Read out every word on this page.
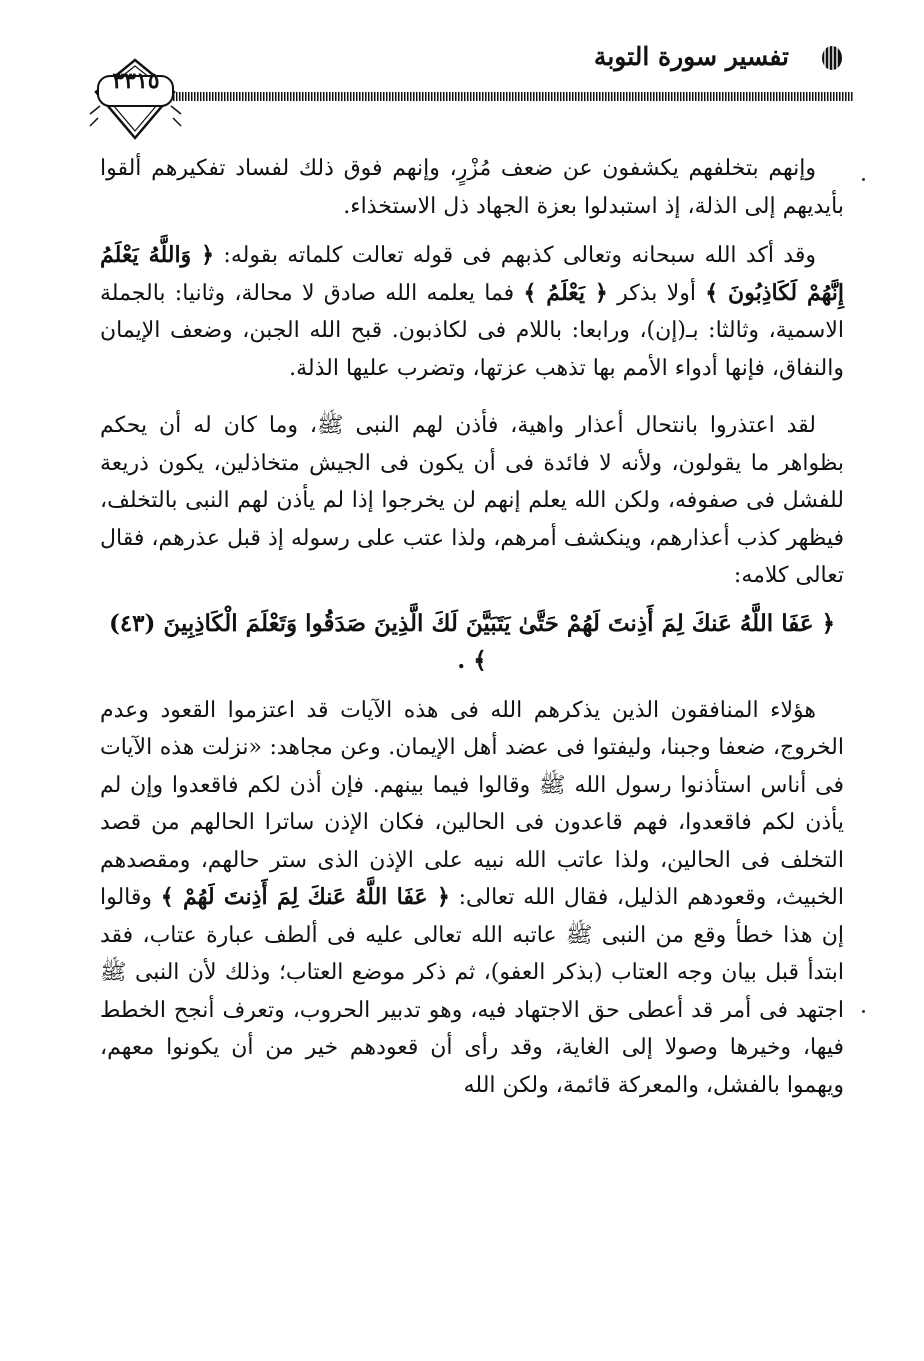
تفسير سورة التوبة
٣٣١٥

وإنهم بتخلفهم يكشفون عن ضعف مُزْرٍ، وإنهم فوق ذلك لفساد تفكيرهم ألقوا بأيديهم إلى الذلة، إذ استبدلوا بعزة الجهاد ذل الاستخذاء.

وقد أكد الله سبحانه وتعالى كذبهم فى قوله تعالت كلماته بقوله: ﴿ وَاللَّهُ يَعْلَمُ إِنَّهُمْ لَكَاذِبُونَ ﴾ أولا بذكر ﴿ يَعْلَمُ ﴾ فما يعلمه الله صادق لا محالة، وثانيا: بالجملة الاسمية، وثالثا: بـ(إن)، ورابعا: باللام فى لكاذبون. قبح الله الجبن، وضعف الإيمان والنفاق، فإنها أدواء الأمم بها تذهب عزتها، وتضرب عليها الذلة.

لقد اعتذروا بانتحال أعذار واهية، فأذن لهم النبى ﷺ، وما كان له أن يحكم بظواهر ما يقولون، ولأنه لا فائدة فى أن يكون فى الجيش متخاذلين، يكون ذريعة للفشل فى صفوفه، ولكن الله يعلم إنهم لن يخرجوا إذا لم يأذن لهم النبى بالتخلف، فيظهر كذب أعذارهم، وينكشف أمرهم، ولذا عتب على رسوله إذ قبل عذرهم، فقال تعالى كلامه:

﴿ عَفَا اللَّهُ عَنكَ لِمَ أَذِنتَ لَهُمْ حَتَّىٰ يَتَبَيَّنَ لَكَ الَّذِينَ صَدَقُوا وَتَعْلَمَ الْكَاذِبِينَ (٤٣) ﴾ .

هؤلاء المنافقون الذين يذكرهم الله فى هذه الآيات قد اعتزموا القعود وعدم الخروج، ضعفا وجبنا، وليفتوا فى عضد أهل الإيمان. وعن مجاهد: «نزلت هذه الآيات فى أناس استأذنوا رسول الله ﷺ وقالوا فيما بينهم. فإن أذن لكم فاقعدوا وإن لم يأذن لكم فاقعدوا، فهم قاعدون فى الحالين، فكان الإذن ساترا الحالهم من قصد التخلف فى الحالين، ولذا عاتب الله نبيه على الإذن الذى ستر حالهم، ومقصدهم الخبيث، وقعودهم الذليل، فقال الله تعالى: ﴿ عَفَا اللَّهُ عَنكَ لِمَ أَذِنتَ لَهُمْ ﴾ وقالوا إن هذا خطأ وقع من النبى ﷺ عاتبه الله تعالى عليه فى ألطف عبارة عتاب، فقد ابتدأ قبل بيان وجه العتاب (بذكر العفو)، ثم ذكر موضع العتاب؛ وذلك لأن النبى ﷺ اجتهد فى أمر قد أعطى حق الاجتهاد فيه، وهو تدبير الحروب، وتعرف أنجح الخطط فيها، وخيرها وصولا إلى الغاية، وقد رأى أن قعودهم خير من أن يكونوا معهم، ويهموا بالفشل، والمعركة قائمة، ولكن الله
